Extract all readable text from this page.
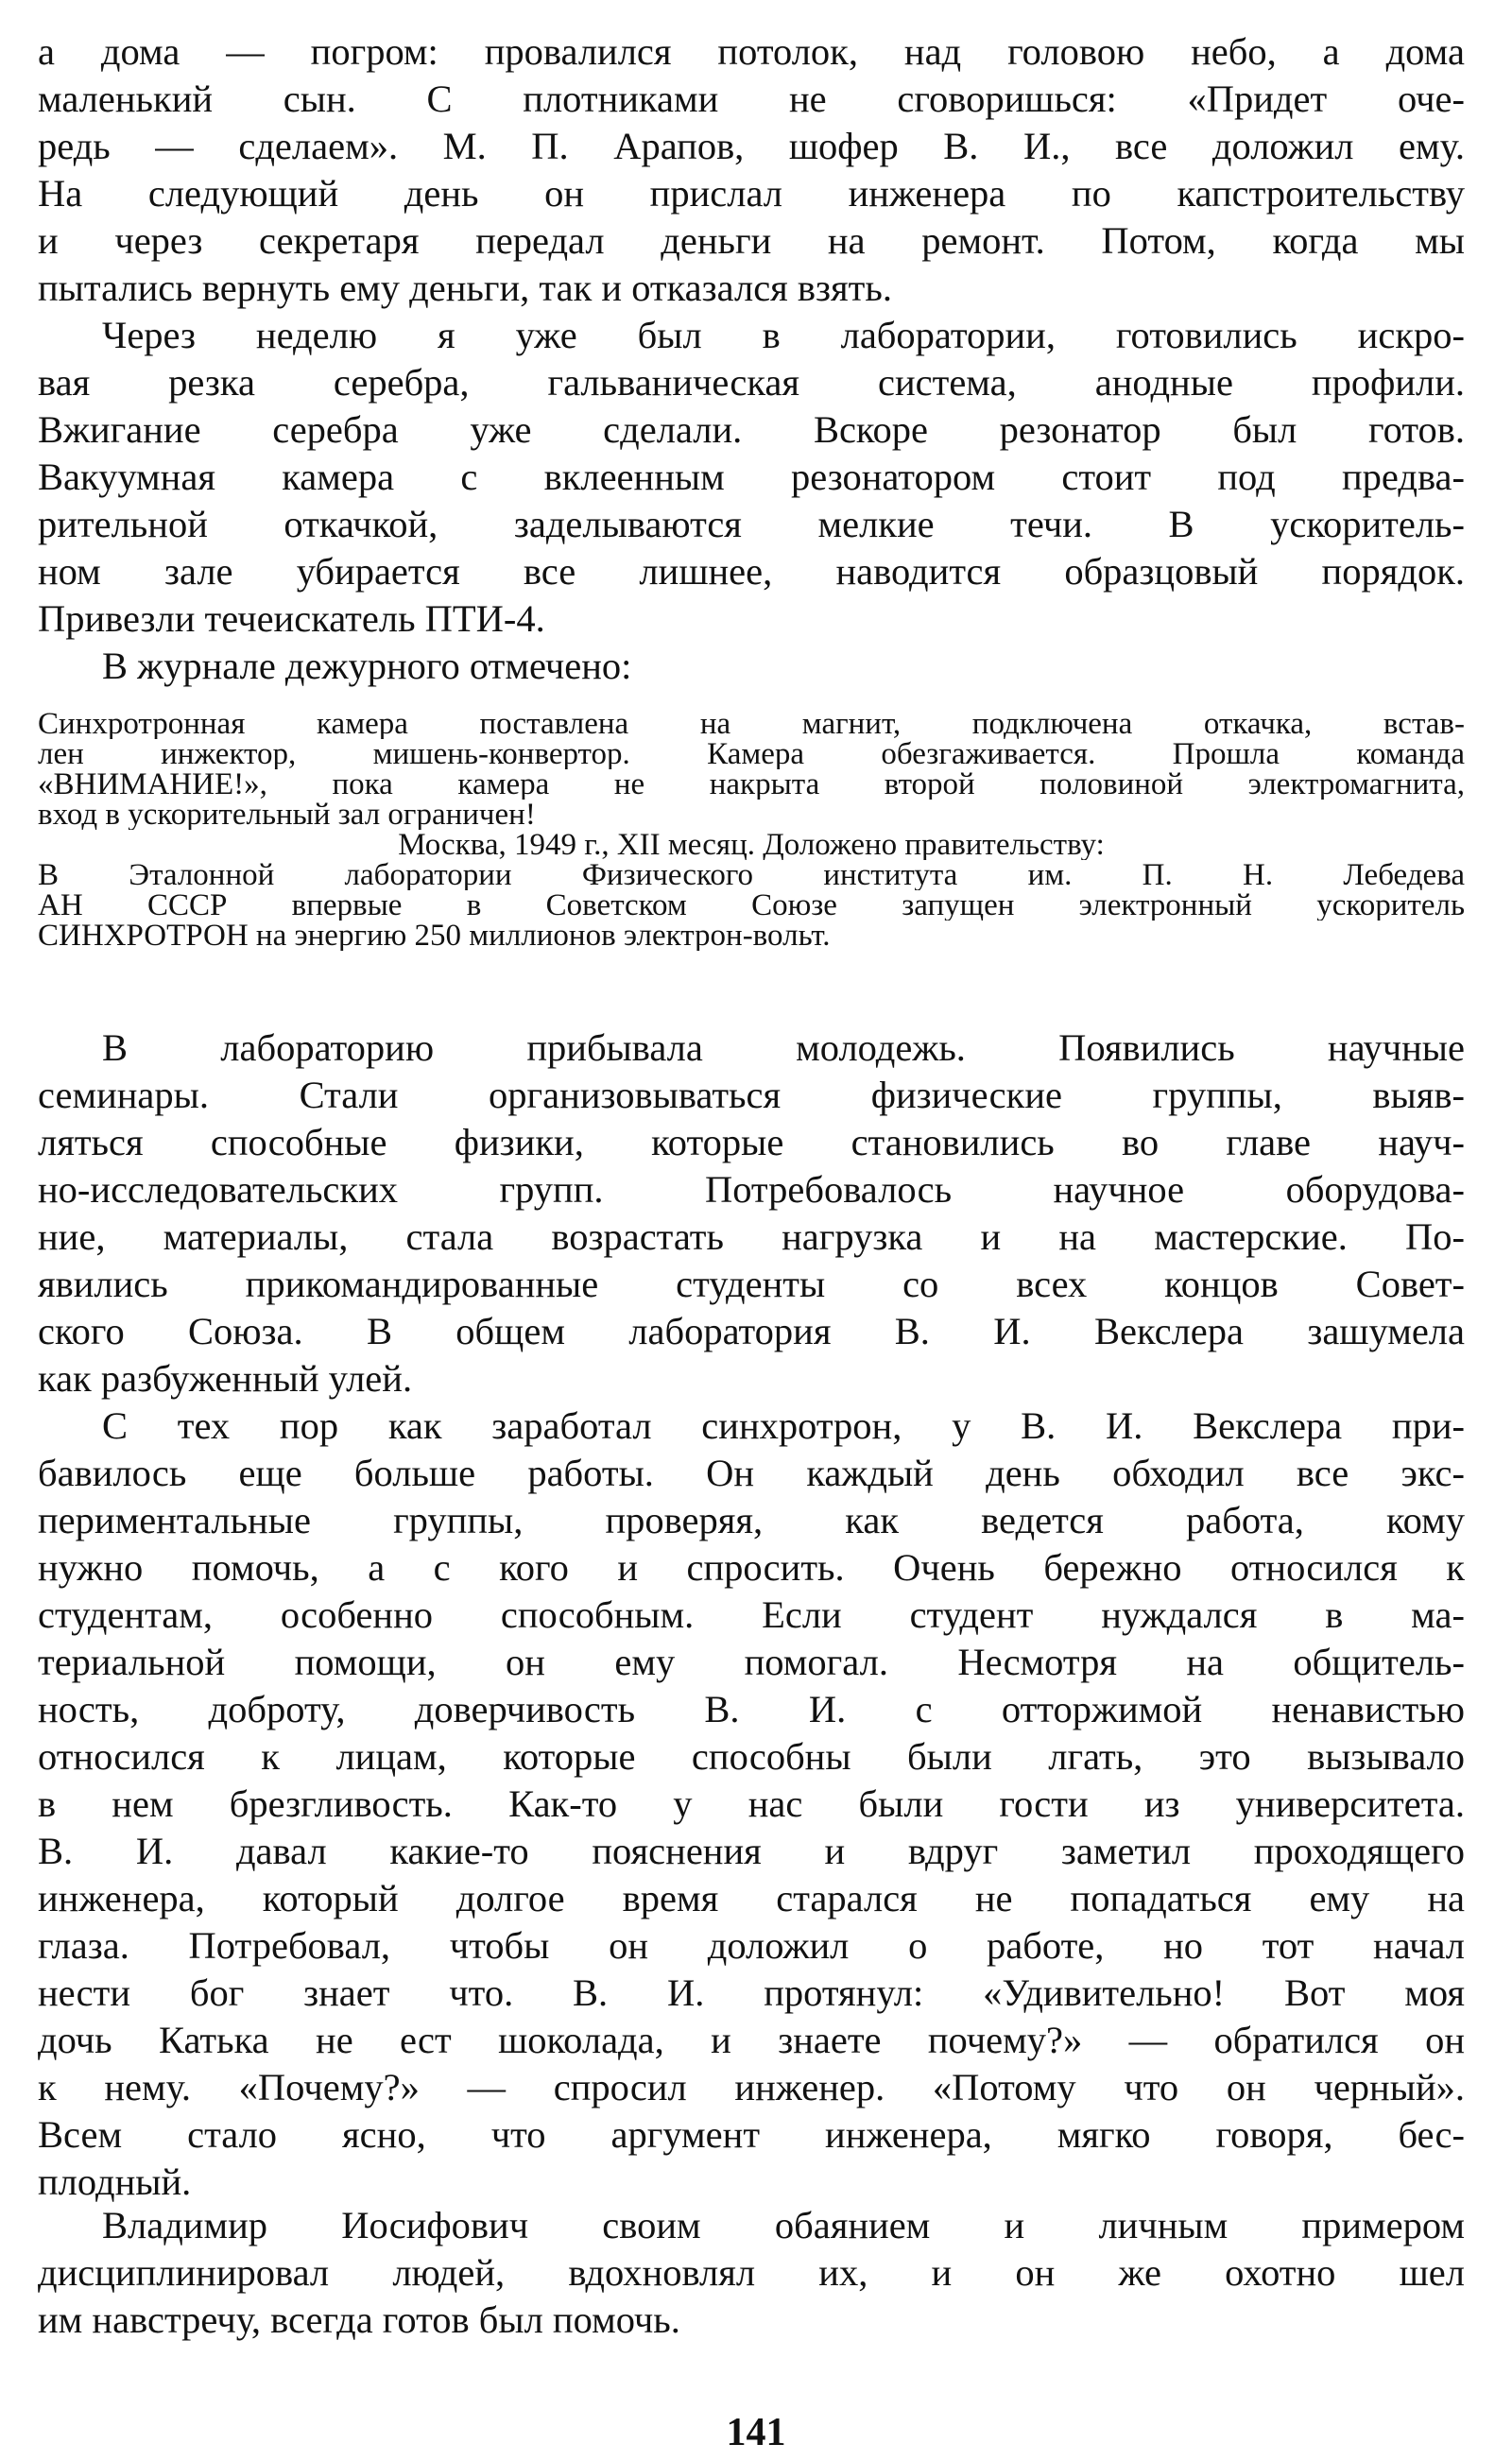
а дома — погром: провалился потолок, над головою небо, а дома
маленький сын. С плотниками не сговоришься: «Придет оче-
редь — сделаем». М. П. Арапов, шофер В. И., все доложил ему.
На следующий день он прислал инженера по капстроительству
и через секретаря передал деньги на ремонт. Потом, когда мы
пытались вернуть ему деньги, так и отказался взять.
Через неделю я уже был в лаборатории, готовились искро-
вая резка серебра, гальваническая система, анодные профили.
Вжигание серебра уже сделали. Вскоре резонатор был готов.
Вакуумная камера с вклеенным резонатором стоит под предва-
рительной откачкой, заделываются мелкие течи. В ускоритель-
ном зале убирается все лишнее, наводится образцовый порядок.
Привезли течеискатель ПТИ-4.
В журнале дежурного отмечено:
Синхротронная камера поставлена на магнит, подключена откачка, встав-
лен инжектор, мишень-конвертор. Камера обезгаживается. Прошла команда
«ВНИМАНИЕ!», пока камера не накрыта второй половиной электромагнита,
вход в ускорительный зал ограничен!
Москва, 1949 г., XII месяц. Доложено правительству:
В Эталонной лаборатории Физического института им. П. Н. Лебедева
АН СССР впервые в Советском Союзе запущен электронный ускоритель
СИНХРОТРОН на энергию 250 миллионов электрон-вольт.
В лабораторию прибывала молодежь. Появились научные
семинары. Стали организовываться физические группы, выяв-
ляться способные физики, которые становились во главе науч-
но-исследовательских групп. Потребовалось научное оборудова-
ние, материалы, стала возрастать нагрузка и на мастерские. По-
явились прикомандированные студенты со всех концов Совет-
ского Союза. В общем лаборатория В. И. Векслера зашумела
как разбуженный улей.
С тех пор как заработал синхротрон, у В. И. Векслера при-
бавилось еще больше работы. Он каждый день обходил все экс-
периментальные группы, проверяя, как ведется работа, кому
нужно помочь, а с кого и спросить. Очень бережно относился к
студентам, особенно способным. Если студент нуждался в ма-
териальной помощи, он ему помогал. Несмотря на общитель-
ность, доброту, доверчивость В. И. с отторжимой ненавистью
относился к лицам, которые способны были лгать, это вызывало
в нем брезгливость. Как-то у нас были гости из университета.
В. И. давал какие-то пояснения и вдруг заметил проходящего
инженера, который долгое время старался не попадаться ему на
глаза. Потребовал, чтобы он доложил о работе, но тот начал
нести бог знает что. В. И. протянул: «Удивительно! Вот моя
дочь Катька не ест шоколада, и знаете почему?» — обратился он
к нему. «Почему?» — спросил инженер. «Потому что он черный».
Всем стало ясно, что аргумент инженера, мягко говоря, бес-
плодный.
Владимир Иосифович своим обаянием и личным примером
дисциплинировал людей, вдохновлял их, и он же охотно шел
им навстречу, всегда готов был помочь.
141
